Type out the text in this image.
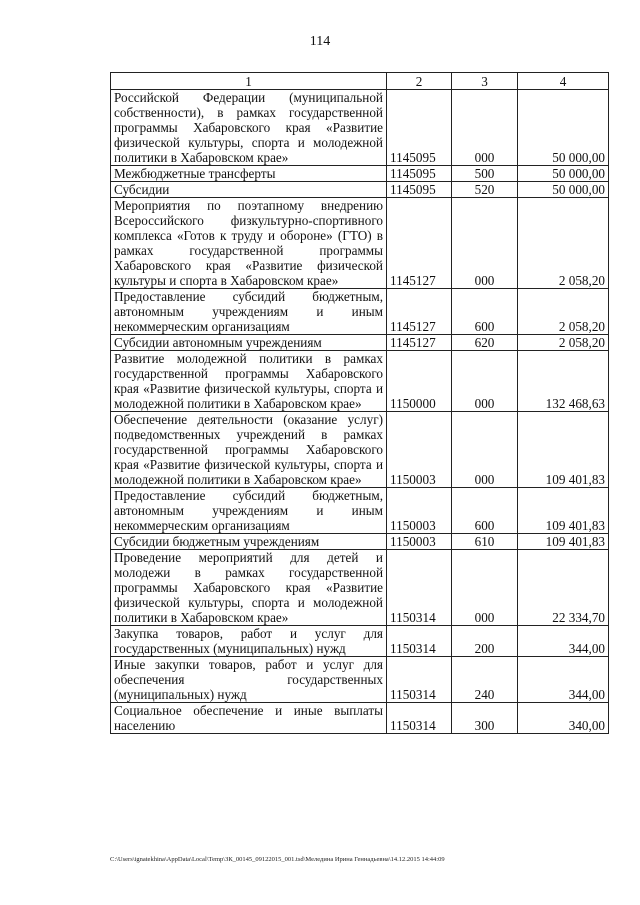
114
1	2	3	4
Российской Федерации (муниципальной собственности), в рамках государственной программы Хабаровского края «Развитие физической культуры, спорта и молодежной политики в Хабаровском крае»	1145095	000	50 000,00
Межбюджетные трансферты	1145095	500	50 000,00
Субсидии	1145095	520	50 000,00
Мероприятия по поэтапному внедрению Всероссийского физкультурно-спортивного комплекса «Готов к труду и обороне» (ГТО) в рамках государственной программы Хабаровского края «Развитие физической культуры и спорта в Хабаровском крае»	1145127	000	2 058,20
Предоставление субсидий бюджетным, автономным учреждениям и иным некоммерческим организациям	1145127	600	2 058,20
Субсидии автономным учреждениям	1145127	620	2 058,20
Развитие молодежной политики в рамках государственной программы Хабаровского края «Развитие физической культуры, спорта и молодежной политики в Хабаровском крае»	1150000	000	132 468,63
Обеспечение деятельности (оказание услуг) подведомственных учреждений в рамках государственной программы Хабаровского края «Развитие физической культуры, спорта и молодежной политики в Хабаровском крае»	1150003	000	109 401,83
Предоставление субсидий бюджетным, автономным учреждениям и иным некоммерческим организациям	1150003	600	109 401,83
Субсидии бюджетным учреждениям	1150003	610	109 401,83
Проведение мероприятий для детей и молодежи в рамках государственной программы Хабаровского края «Развитие физической культуры, спорта и молодежной политики в Хабаровском крае»	1150314	000	22 334,70
Закупка товаров, работ и услуг для государственных (муниципальных) нужд	1150314	200	344,00
Иные закупки товаров, работ и услуг для обеспечения государственных (муниципальных) нужд	1150314	240	344,00
Социальное обеспечение и иные выплаты населению	1150314	300	340,00
C:\Users\ignatekhina\AppData\Local\Temp\ЗК_00145_09122015_001.tsd\Меледина Ирина Геннадьевна\14.12.2015 14:44:09
